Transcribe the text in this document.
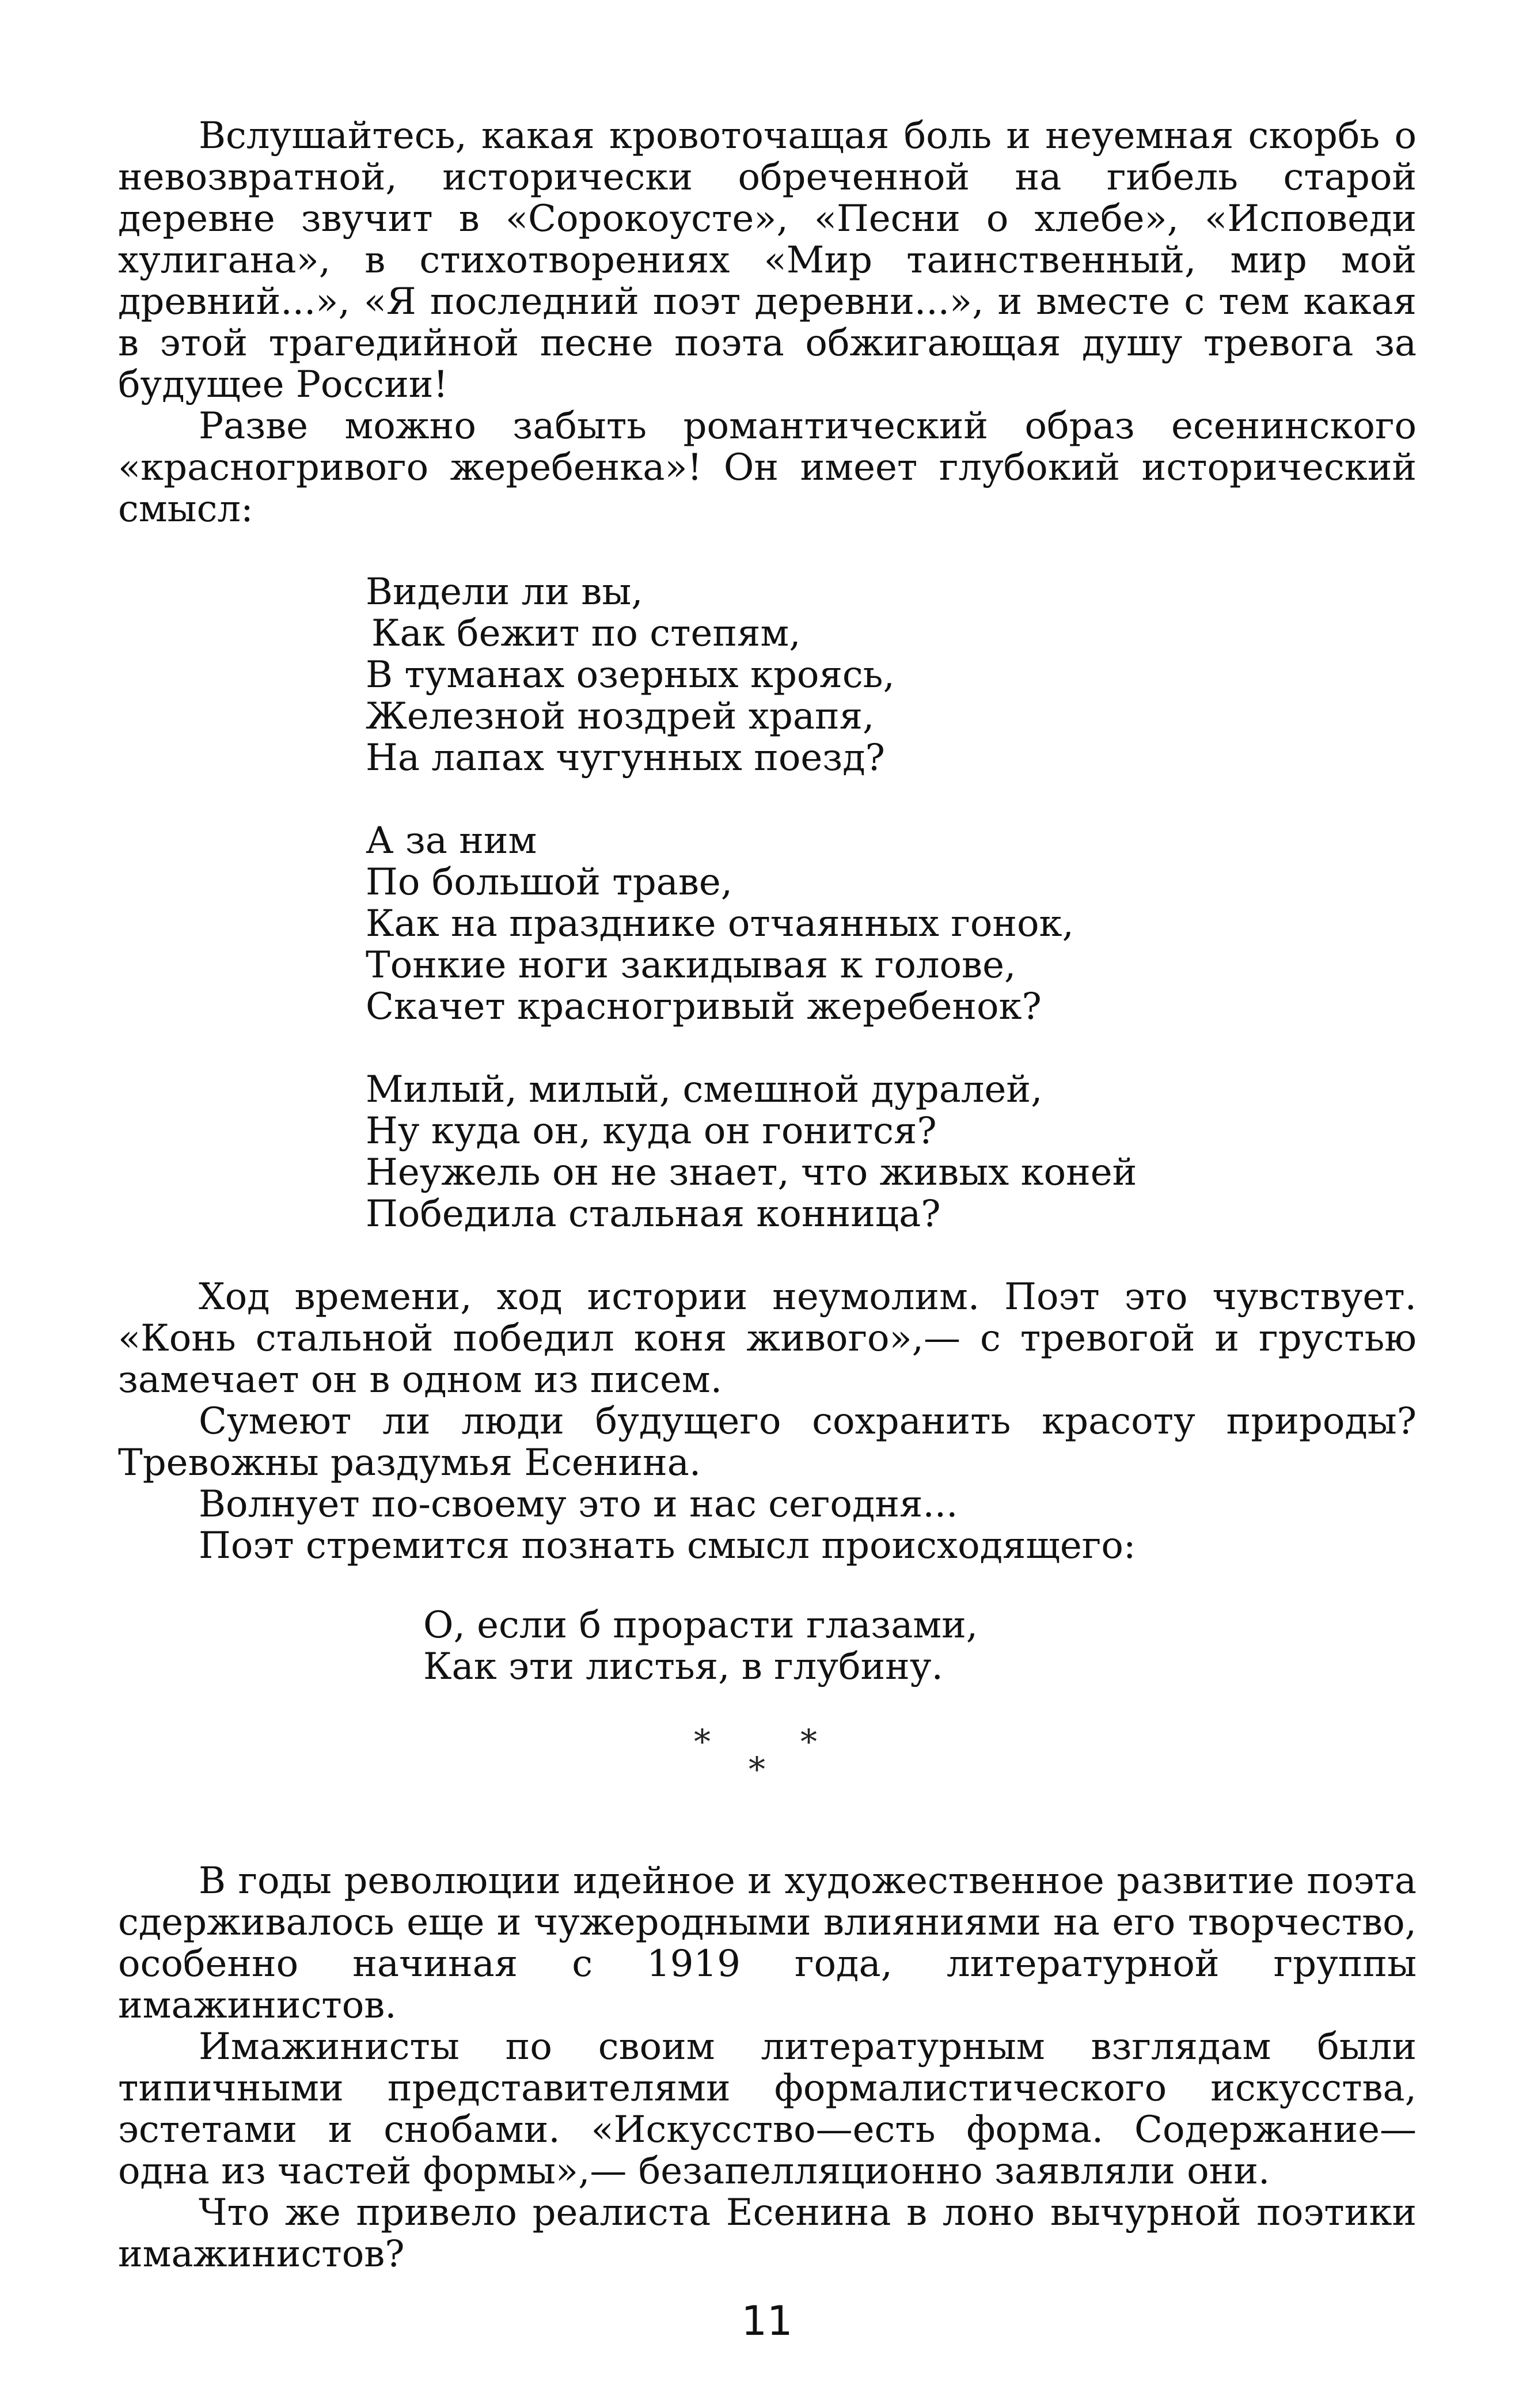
Вслушайтесь, какая кровоточащая боль и неуемная скорбь о невозвратной, исторически обреченной на гибель старой деревне звучит в «Сорокоусте», «Песни о хлебе», «Исповеди хулигана», в стихотворениях «Мир таинственный, мир мой древний...», «Я последний поэт деревни...», и вместе с тем какая в этой трагедийной песне поэта обжигающая душу тревога за будущее России!

Разве можно забыть романтический образ есенинского «красногривого жеребенка»! Он имеет глубокий исторический смысл:

Видели ли вы,
Как бежит по степям,
В туманах озерных кроясь,
Железной ноздрей храпя,
На лапах чугунных поезд?
А за ним
По большой траве,
Как на празднике отчаянных гонок,
Тонкие ноги закидывая к голове,
Скачет красногривый жеребенок?
Милый, милый, смешной дуралей,
Ну куда он, куда он гонится?
Неужель он не знает, что живых коней
Победила стальная конница?

Ход времени, ход истории неумолим. Поэт это чувствует. «Конь стальной победил коня живого»,— с тревогой и грустью замечает он в одном из писем.

Сумеют ли люди будущего сохранить красоту природы? Тревожны раздумья Есенина.

Волнует по-своему это и нас сегодня...

Поэт стремится познать смысл происходящего:

О, если б прорасти глазами,
Как эти листья, в глубину.
*	*
*

В годы революции идейное и художественное развитие поэта сдерживалось еще и чужеродными влияниями на его творчество, особенно начиная с 1919 года, литературной группы имажинистов.

Имажинисты по своим литературным взглядам были типичными представителями формалистического искусства, эстетами и снобами. «Искусство—есть форма. Содержание— одна из частей формы»,— безапелляционно заявляли они.

Что же привело реалиста Есенина в лоно вычурной поэтики имажинистов?

11
